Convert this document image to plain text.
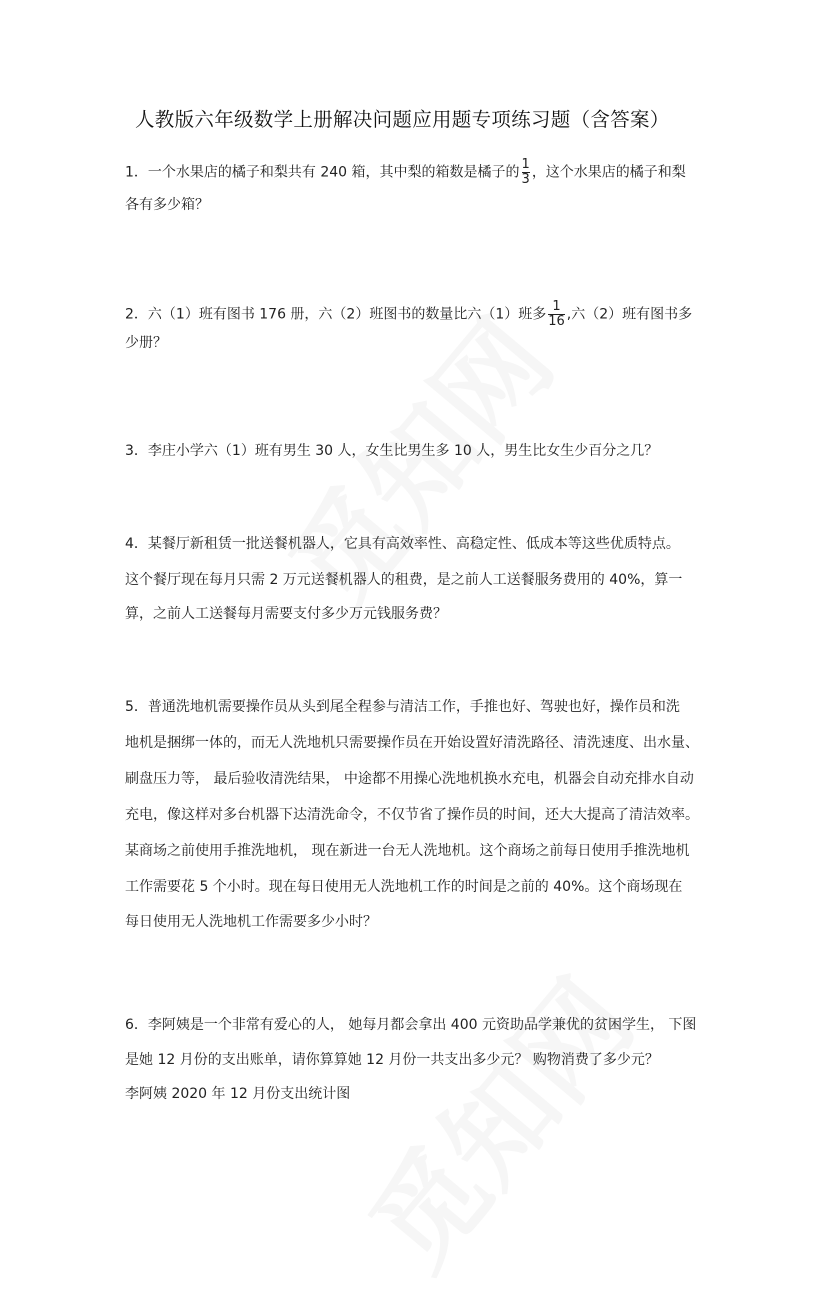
人教版六年级数学上册解决问题应用题专项练习题（含答案）
1．一个水果店的橘子和梨共有 240 箱，其中梨的箱数是橘子的 $\frac{1}{3}$ ，这个水果店的橘子和梨
各有多少箱？
2．六（1）班有图书 176 册，六（2）班图书的数量比六（1）班多 $\frac{1}{16}$ ,六（2）班有图书多
少册？
3．李庄小学六（1）班有男生 30 人，女生比男生多 10 人，男生比女生少百分之几？
4．某餐厅新租赁一批送餐机器人，它具有高效率性、高稳定性、低成本等这些优质特点。
这个餐厅现在每月只需 2 万元送餐机器人的租费，是之前人工送餐服务费用的 40%，算一
算，之前人工送餐每月需要支付多少万元钱服务费？
5．普通洗地机需要操作员从头到尾全程参与清洁工作，手推也好、驾驶也好，操作员和洗
地机是捆绑一体的，而无人洗地机只需要操作员在开始设置好清洗路径、清洗速度、出水量、
刷盘压力等， 最后验收清洗结果， 中途都不用操心洗地机换水充电，机器会自动充排水自动
充电，像这样对多台机器下达清洗命令，不仅节省了操作员的时间，还大大提高了清洁效率。
某商场之前使用手推洗地机， 现在新进一台无人洗地机。这个商场之前每日使用手推洗地机
工作需要花 5 个小时。现在每日使用无人洗地机工作的时间是之前的 40%。这个商场现在
每日使用无人洗地机工作需要多少小时？
6．李阿姨是一个非常有爱心的人， 她每月都会拿出 400 元资助品学兼优的贫困学生， 下图
是她 12 月份的支出账单，请你算算她 12 月份一共支出多少元？ 购物消费了多少元？
李阿姨 2020 年 12 月份支出统计图
